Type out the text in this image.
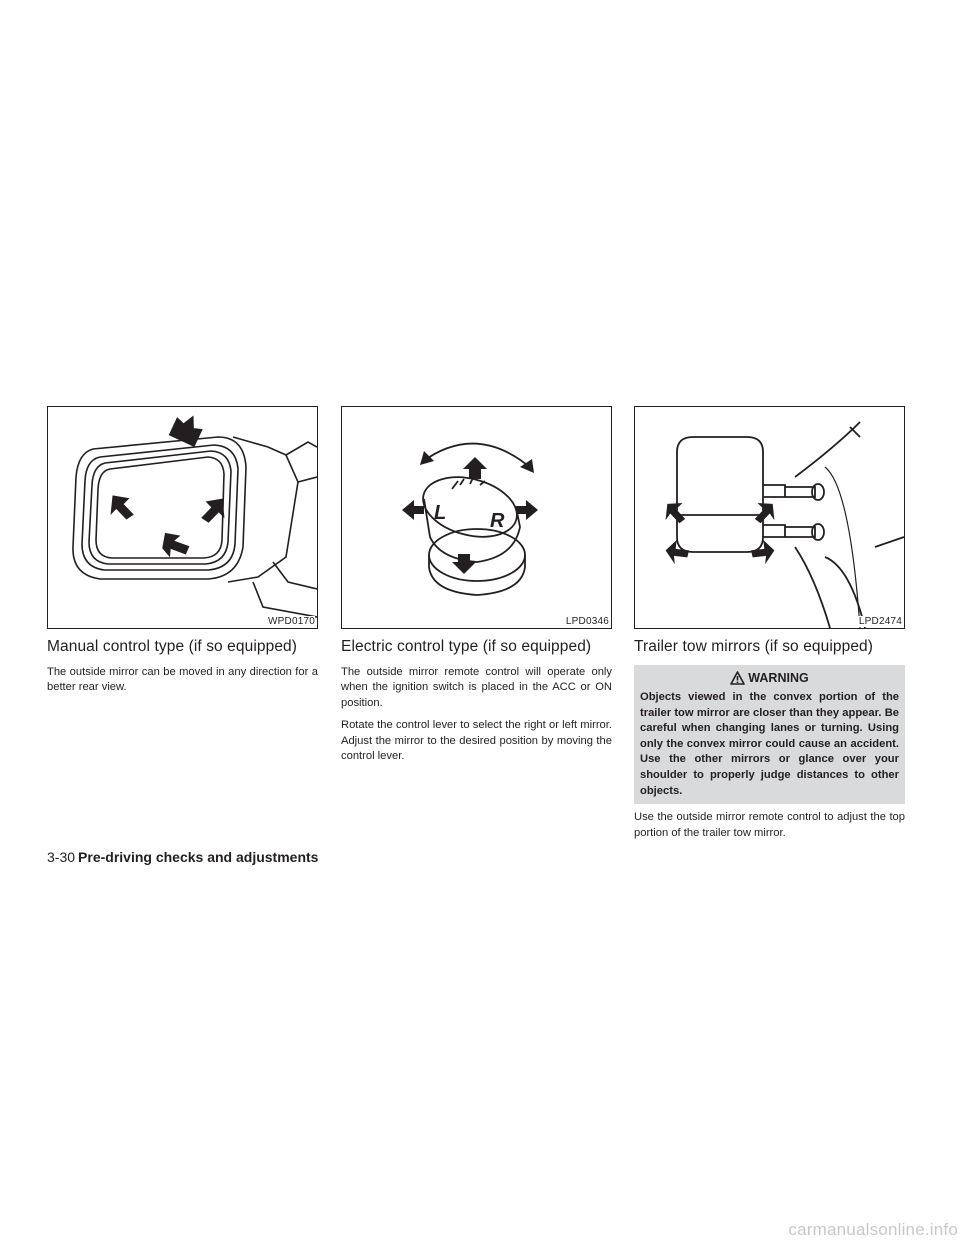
WPD0170
Manual control type (if so equipped)

The outside mirror can be moved in any direction for a better rear view.

L R
LPD0346
Electric control type (if so equipped)

The outside mirror remote control will operate only when the ignition switch is placed in the ACC or ON position.

Rotate the control lever to select the right or left mirror. Adjust the mirror to the desired position by moving the control lever.

LPD2474
Trailer tow mirrors (if so equipped)
WARNING

Objects viewed in the convex portion of the trailer tow mirror are closer than they appear. Be careful when changing lanes or turning. Using only the convex mirror could cause an accident. Use the other mirrors or glance over your shoulder to properly judge distances to other objects.

Use the outside mirror remote control to adjust the top portion of the trailer tow mirror.

3-30 Pre-driving checks and adjustments
carmanualsonline.info
